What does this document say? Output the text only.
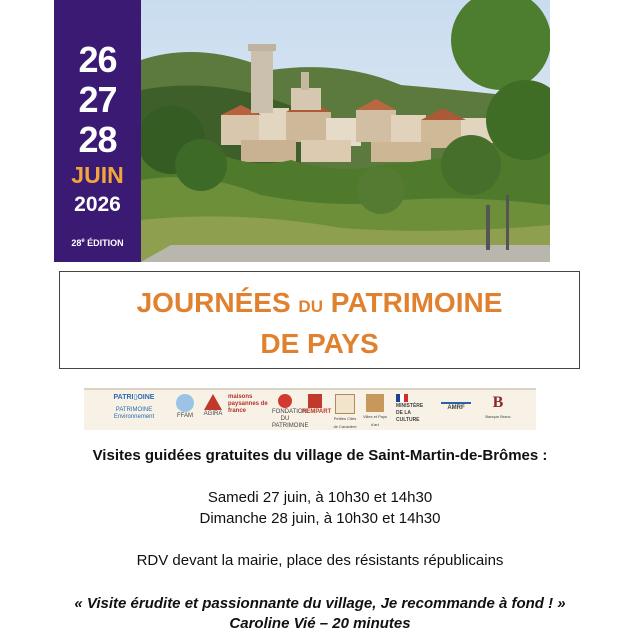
26
27
28
JUIN
2026
28e ÉDITION
JOURNÉES DU PATRIMOINE
DE PAYS
PATRI▯OINE
PATRIMOINE Environnement	FFAM	AGIRA
maisons paysannes de france	FONDATION DU PATRIMOINE
REMPART
Petites Cités de Caractère
Villes et Pays d'art
MINISTÈRE DE LA CULTURE
AMRF	B
Banque Branc
Visites guidées gratuites du village de Saint-Martin-de-Brômes :
Samedi 27 juin, à 10h30 et 14h30
Dimanche 28 juin, à 10h30 et 14h30
RDV devant la mairie, place des résistants républicains
« Visite érudite et passionnante du village, Je recommande à fond ! »
Caroline Vié – 20 minutes
